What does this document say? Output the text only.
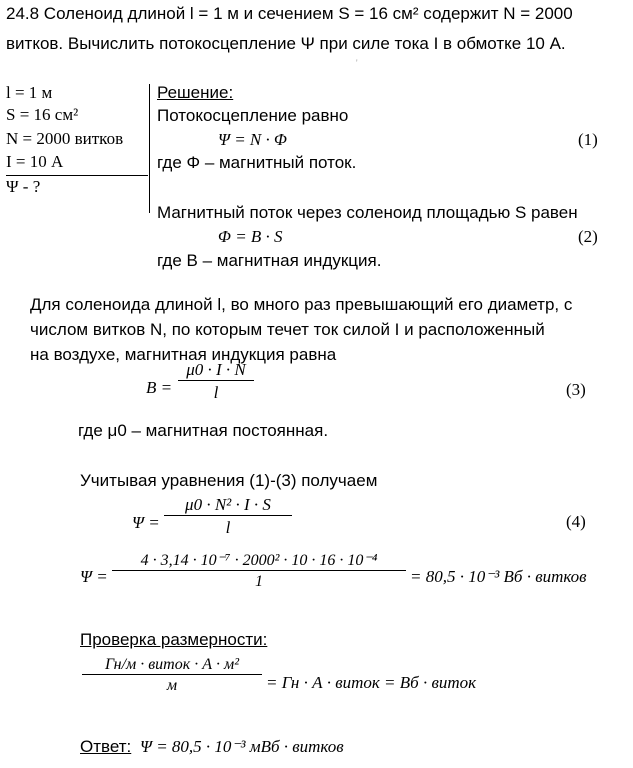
24.8 Соленоид длиной l = 1 м и сечением S = 16 см² содержит N = 2000
витков. Вычислить потокосцепление Ψ при силе тока I в обмотке 10 А.
'
l = 1 м
S = 16 см²
N = 2000 витков
I = 10 А
Ψ - ?
Решение:
Потокосцепление равно
Ψ = N · Φ	(1)
где Φ – магнитный поток.
Магнитный поток через соленоид площадью S равен
Φ = B · S	(2)
где B – магнитная индукция.
Для соленоида длиной l, во много раз превышающий его диаметр, с
числом витков N, по которым течет ток силой I и расположенный
на воздухе, магнитная индукция равна
B =
μ0 · I · N
l	(3)
где μ0 – магнитная постоянная.
Учитывая уравнения (1)-(3) получаем
Ψ =
μ0 · N² · I · S
l	(4)
Ψ =
4 · 3,14 · 10⁻⁷ · 2000² · 10 · 16 · 10⁻⁴
1	= 80,5 · 10⁻³ Вб · витков
Проверка размерности:
Гн/м · виток · А · м²
м	= Гн · А · виток = Вб · виток
Ответ: Ψ = 80,5 · 10⁻³ мВб · витков
